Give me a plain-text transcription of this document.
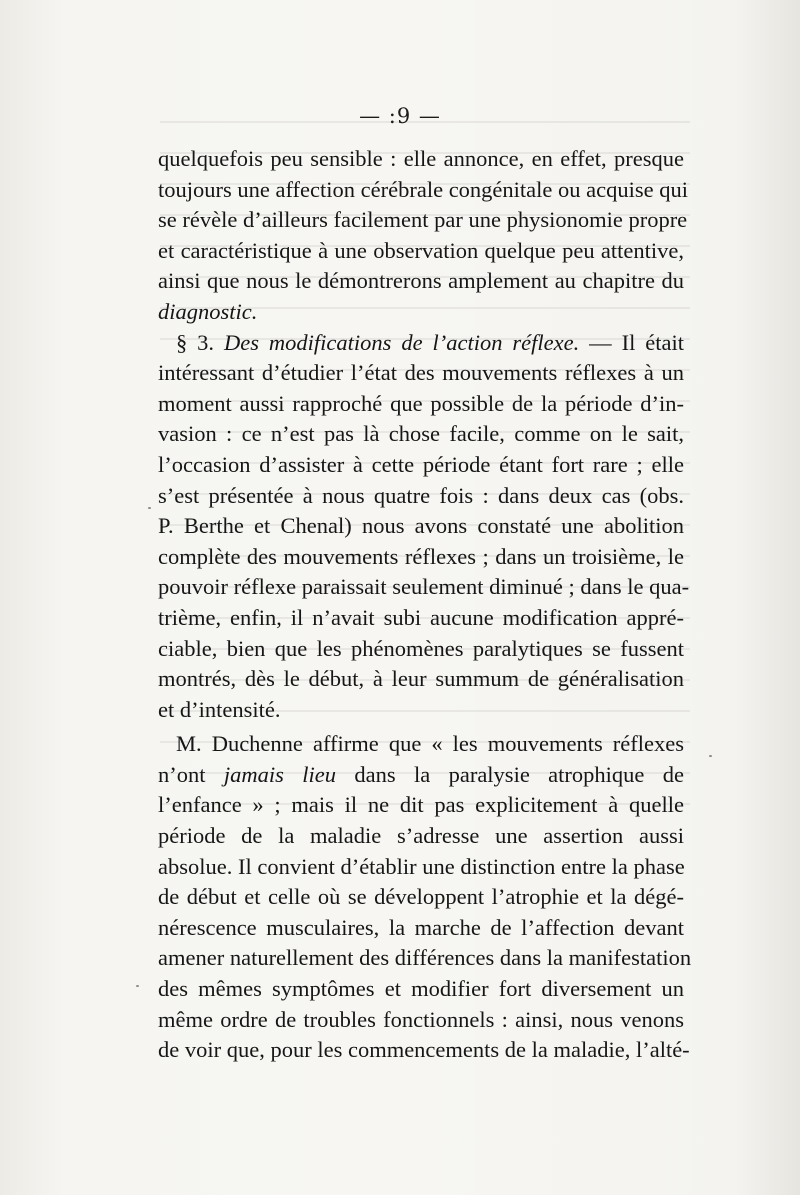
— :9 —
quelquefois peu sensible : elle annonce, en effet, presque
toujours une affection cérébrale congénitale ou acquise qui
se révèle d’ailleurs facilement par une physionomie propre
et caractéristique à une observation quelque peu attentive,
ainsi que nous le démontrerons amplement au chapitre du
diagnostic.
§ 3. Des modifications de l’action réflexe. — Il était
intéressant d’étudier l’état des mouvements réflexes à un
moment aussi rapproché que possible de la période d’in-
vasion : ce n’est pas là chose facile, comme on le sait,
l’occasion d’assister à cette période étant fort rare ; elle
s’est présentée à nous quatre fois : dans deux cas (obs.
P. Berthe et Chenal) nous avons constaté une abolition
complète des mouvements réflexes ; dans un troisième, le
pouvoir réflexe paraissait seulement diminué ; dans le qua-
trième, enfin, il n’avait subi aucune modification appré-
ciable, bien que les phénomènes paralytiques se fussent
montrés, dès le début, à leur summum de généralisation
et d’intensité.
M. Duchenne affirme que « les mouvements réflexes
n’ont jamais lieu dans la paralysie atrophique de
l’enfance » ; mais il ne dit pas explicitement à quelle
période de la maladie s’adresse une assertion aussi
absolue. Il convient d’établir une distinction entre la phase
de début et celle où se développent l’atrophie et la dégé-
nérescence musculaires, la marche de l’affection devant
amener naturellement des différences dans la manifestation
des mêmes symptômes et modifier fort diversement un
même ordre de troubles fonctionnels : ainsi, nous venons
de voir que, pour les commencements de la maladie, l’alté-
